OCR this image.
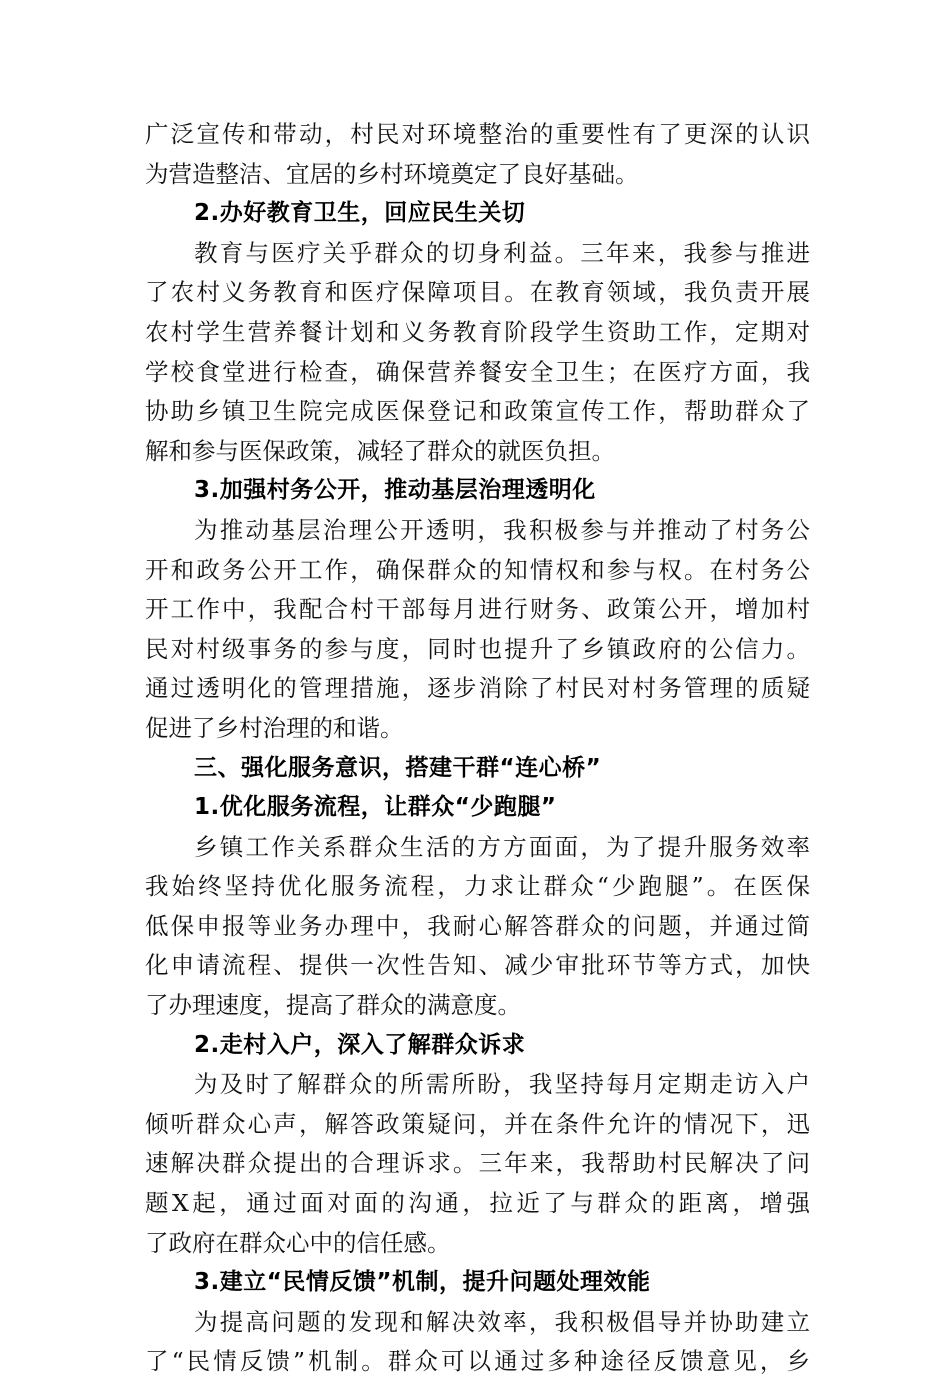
广泛宣传和带动，村民对环境整治的重要性有了更深的认识
为营造整洁、宜居的乡村环境奠定了良好基础。
2.办好教育卫生，回应民生关切
教育与医疗关乎群众的切身利益。三年来，我参与推进
了农村义务教育和医疗保障项目。在教育领域，我负责开展
农村学生营养餐计划和义务教育阶段学生资助工作，定期对
学校食堂进行检查，确保营养餐安全卫生；在医疗方面，我
协助乡镇卫生院完成医保登记和政策宣传工作，帮助群众了
解和参与医保政策，减轻了群众的就医负担。
3.加强村务公开，推动基层治理透明化
为推动基层治理公开透明，我积极参与并推动了村务公
开和政务公开工作，确保群众的知情权和参与权。在村务公
开工作中，我配合村干部每月进行财务、政策公开，增加村
民对村级事务的参与度，同时也提升了乡镇政府的公信力。
通过透明化的管理措施，逐步消除了村民对村务管理的质疑
促进了乡村治理的和谐。
三、强化服务意识，搭建干群“连心桥”
1.优化服务流程，让群众“少跑腿”
乡镇工作关系群众生活的方方面面，为了提升服务效率
我始终坚持优化服务流程，力求让群众“少跑腿”。在医保
低保申报等业务办理中，我耐心解答群众的问题，并通过简
化申请流程、提供一次性告知、减少审批环节等方式，加快
了办理速度，提高了群众的满意度。
2.走村入户，深入了解群众诉求
为及时了解群众的所需所盼，我坚持每月定期走访入户
倾听群众心声，解答政策疑问，并在条件允许的情况下，迅
速解决群众提出的合理诉求。三年来，我帮助村民解决了问
题X起，通过面对面的沟通，拉近了与群众的距离，增强
了政府在群众心中的信任感。
3.建立“民情反馈”机制，提升问题处理效能
为提高问题的发现和解决效率，我积极倡导并协助建立
了“民情反馈”机制。群众可以通过多种途径反馈意见，乡
